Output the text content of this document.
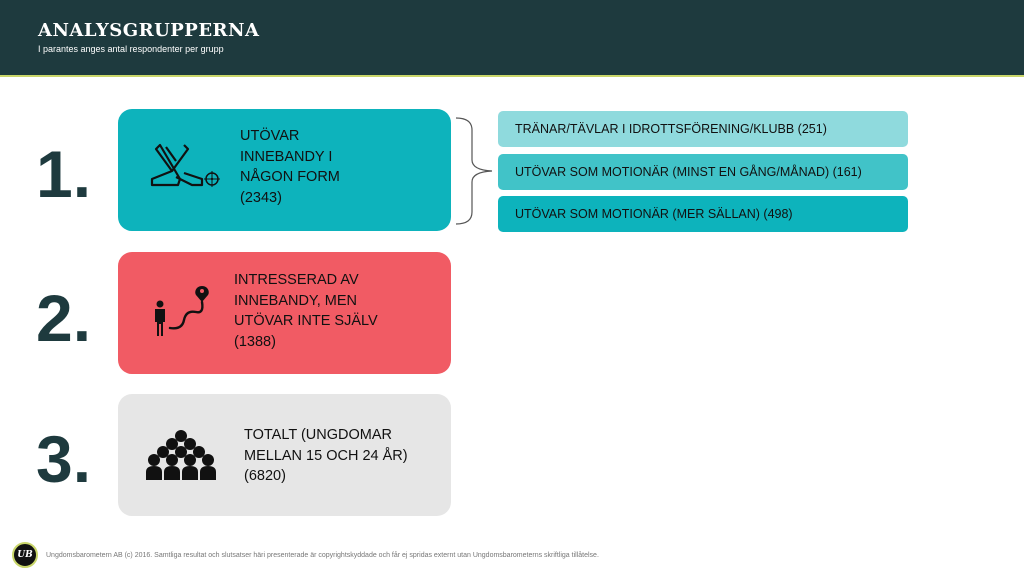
ANALYSGRUPPERNA
I parantes anges antal respondenter per grupp
1.
2.
3.
UTÖVAR
INNEBANDY I
NÅGON FORM
(2343)
TRÄNAR/TÄVLAR I IDROTTSFÖRENING/KLUBB (251)
UTÖVAR SOM MOTIONÄR (MINST EN GÅNG/MÅNAD) (161)
UTÖVAR SOM MOTIONÄR (MER SÄLLAN) (498)
INTRESSERAD AV
INNEBANDY, MEN
UTÖVAR INTE SJÄLV
(1388)
TOTALT (UNGDOMAR
MELLAN 15 OCH 24 ÅR)
(6820)
UB	Ungdomsbarometern AB (c) 2016. Samtliga resultat och slutsatser häri presenterade är copyrightskyddade och får ej spridas externt utan Ungdomsbarometerns skriftliga tillåtelse.
